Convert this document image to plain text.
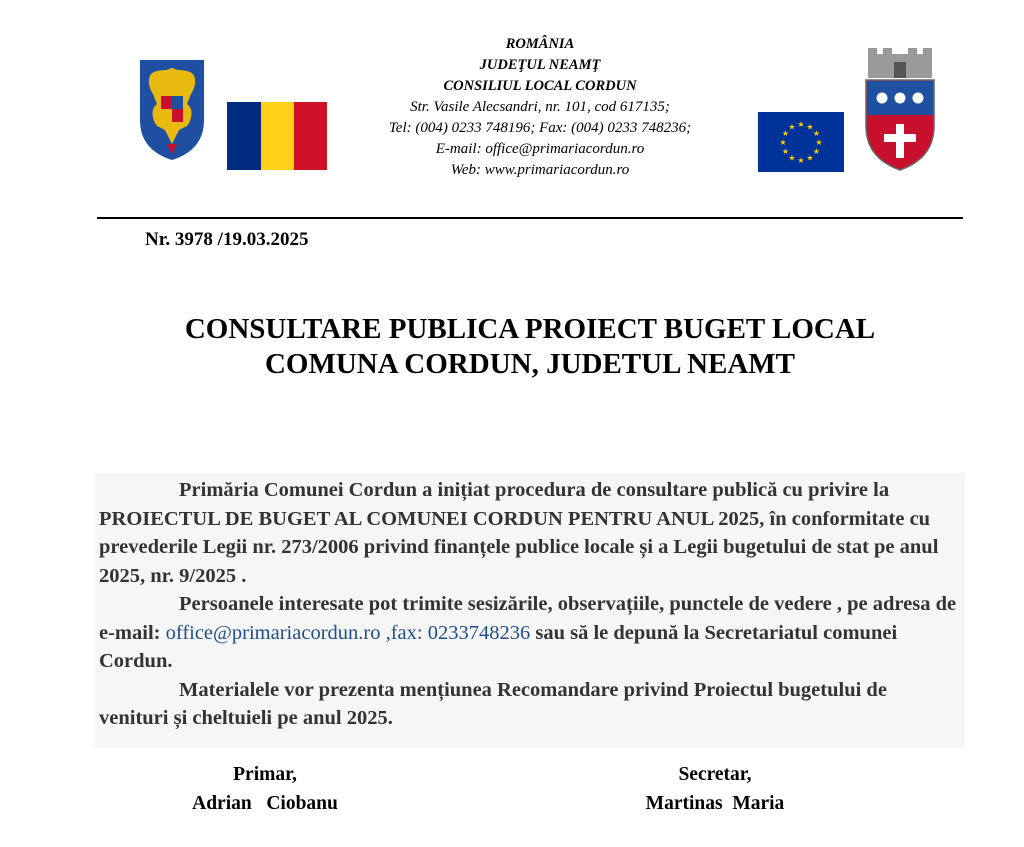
ROMÂNIA
JUDEŢUL NEAMŢ
CONSILIUL LOCAL CORDUN
Str. Vasile Alecsandri, nr. 101, cod 617135;
Tel: (004) 0233 748196; Fax: (004) 0233 748236;
E-mail: office@primariacordun.ro
Web: www.primariacordun.ro
★ ★
★
★
★
★
★
★
★
★
★
★
Nr. 3978 /19.03.2025
CONSULTARE PUBLICA PROIECT BUGET LOCAL
COMUNA CORDUN, JUDETUL NEAMT

Primăria Comunei Cordun a inițiat procedura de consultare publică cu privire la PROIECTUL DE BUGET AL COMUNEI CORDUN PENTRU ANUL 2025, în conformitate cu prevederile Legii nr. 273/2006 privind finanțele publice locale și a Legii bugetului de stat pe anul 2025, nr. 9/2025 .

Persoanele interesate pot trimite sesizările, observațiile, punctele de vedere , pe adresa de e-mail: office@primariacordun.ro ,fax: 0233748236 sau să le depună la Secretariatul comunei Cordun.

Materialele vor prezenta mențiunea Recomandare privind Proiectul bugetului de venituri și cheltuieli pe anul 2025.

Primar,
Adrian   Ciobanu
Secretar,
Martinas  Maria
